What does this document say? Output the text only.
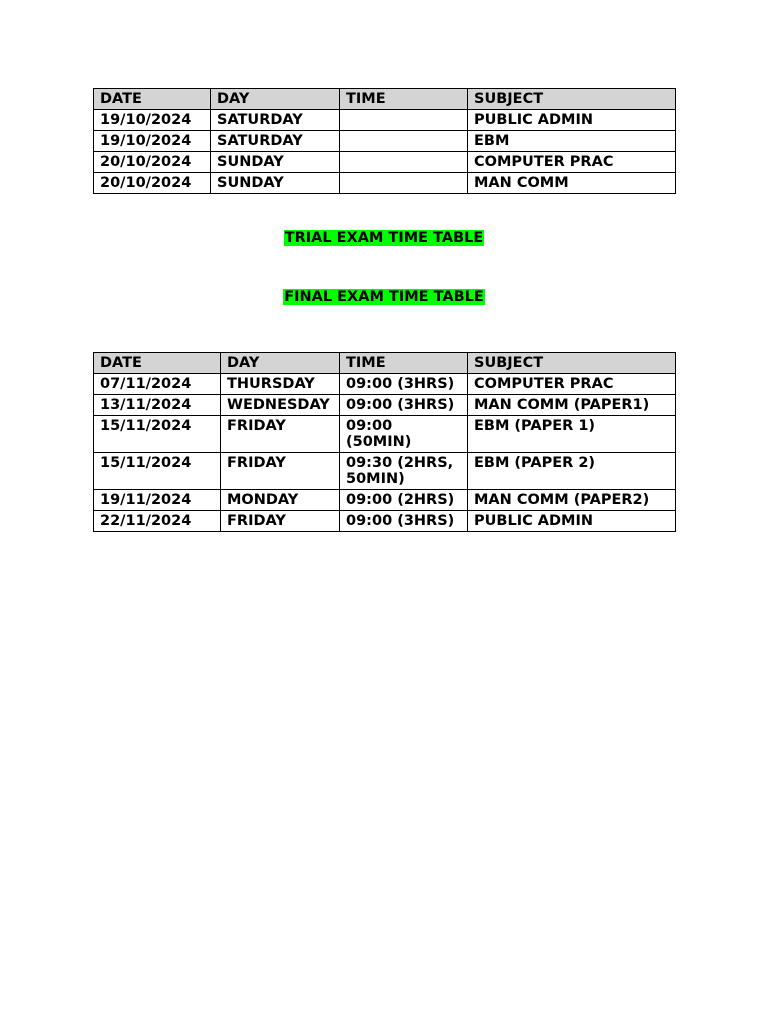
DATE	DAY	TIME	SUBJECT
19/10/2024	SATURDAY		PUBLIC ADMIN
19/10/2024	SATURDAY		EBM
20/10/2024	SUNDAY		COMPUTER PRAC
20/10/2024	SUNDAY		MAN COMM
TRIAL EXAM TIME TABLE
FINAL EXAM TIME TABLE
DATE	DAY	TIME	SUBJECT
07/11/2024	THURSDAY	09:00 (3HRS)	COMPUTER PRAC
13/11/2024	WEDNESDAY	09:00 (3HRS)	MAN COMM (PAPER1)
15/11/2024	FRIDAY	09:00 (50MIN)	EBM (PAPER 1)
15/11/2024	FRIDAY	09:30 (2HRS, 50MIN)	EBM (PAPER 2)
19/11/2024	MONDAY	09:00 (2HRS)	MAN COMM (PAPER2)
22/11/2024	FRIDAY	09:00 (3HRS)	PUBLIC ADMIN
